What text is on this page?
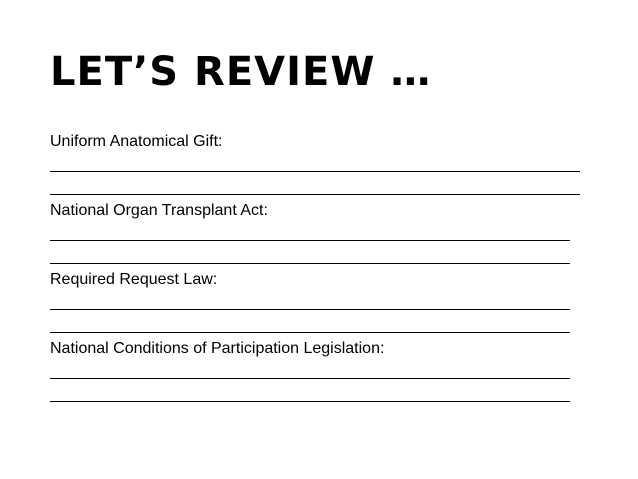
LET’S REVIEW …
Uniform Anatomical Gift:
National Organ Transplant Act:
Required Request Law:
National Conditions of Participation Legislation:
